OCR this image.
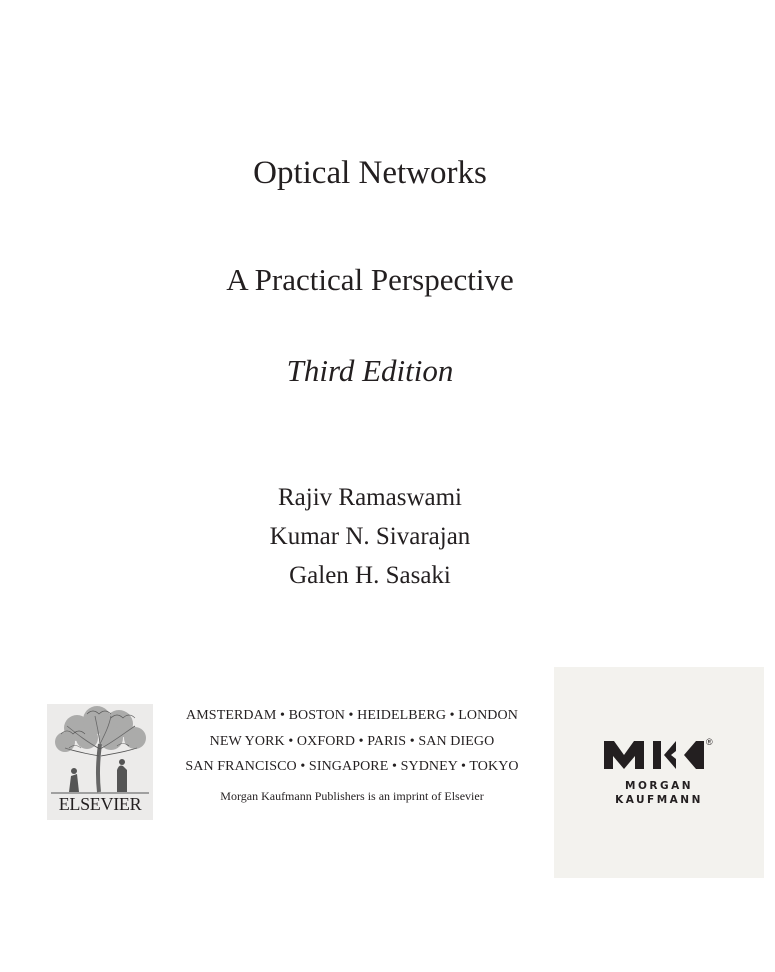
Optical Networks
A Practical Perspective
Third Edition
Rajiv Ramaswami
Kumar N. Sivarajan
Galen H. Sasaki
ELSEVIER
AMSTERDAM • BOSTON • HEIDELBERG • LONDON
NEW YORK • OXFORD • PARIS • SAN DIEGO
SAN FRANCISCO • SINGAPORE • SYDNEY • TOKYO
Morgan Kaufmann Publishers is an imprint of Elsevier
®
MORGAN
KAUFMANN
